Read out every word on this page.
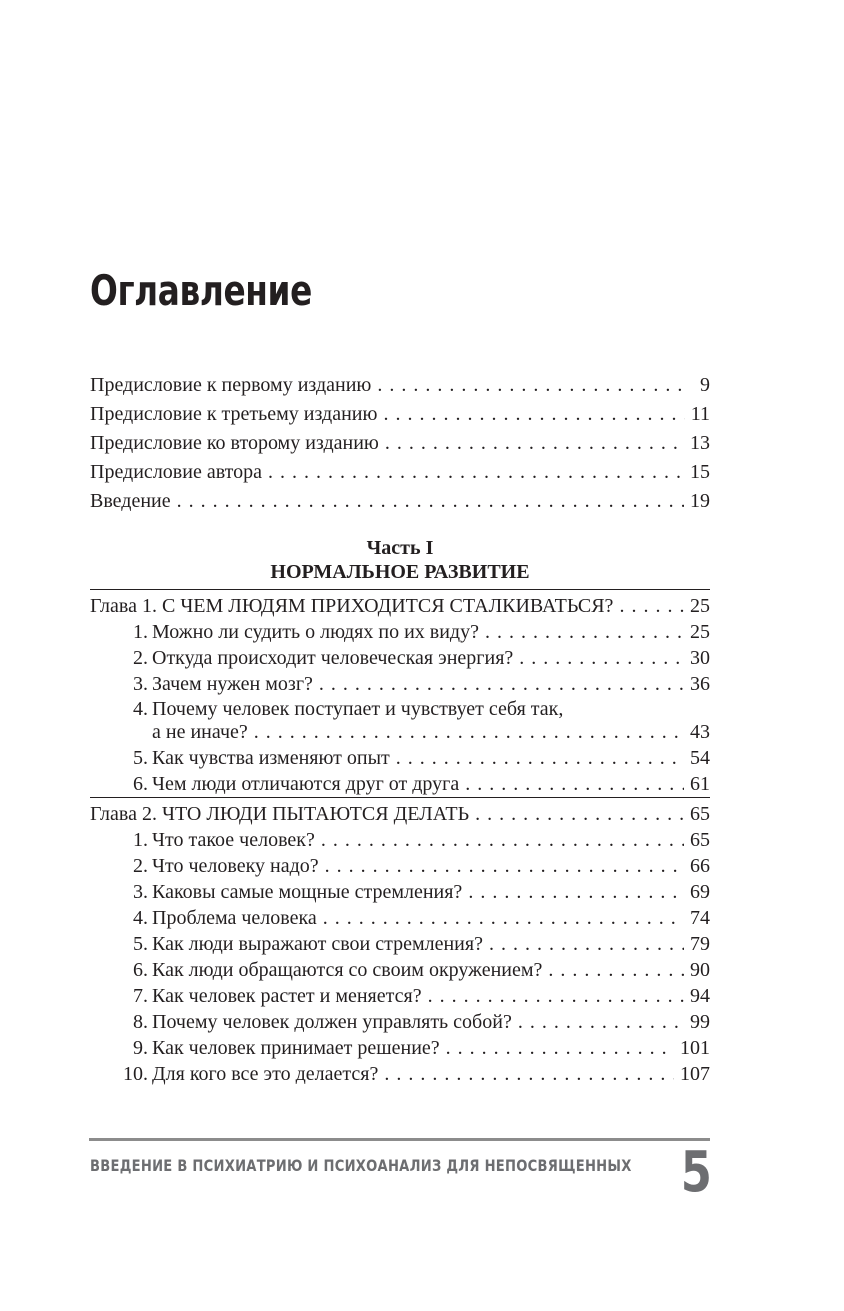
Оглавление
Предисловие к первому изданию . . .	9
Предисловие к третьему изданию . . .	11
Предисловие ко второму изданию . . .	13
Предисловие автора . . .	15
Введение . . .	19
Часть I
НОРМАЛЬНОЕ РАЗВИТИЕ
Глава 1. С ЧЕМ ЛЮДЯМ ПРИХОДИТСЯ СТАЛКИВАТЬСЯ? . . .	25
1. Можно ли судить о людях по их виду? . . .	25
2. Откуда происходит человеческая энергия? . . .	30
3. Зачем нужен мозг? . . .	36
4. Почему человек поступает и чувствует себя так,
а не иначе? . . .	43
5. Как чувства изменяют опыт . . .	54
6. Чем люди отличаются друг от друга . . .	61
Глава 2. ЧТО ЛЮДИ ПЫТАЮТСЯ ДЕЛАТЬ . . .	65
1. Что такое человек? . . .	65
2. Что человеку надо? . . .	66
3. Каковы самые мощные стремления? . . .	69
4. Проблема человека . . .	74
5. Как люди выражают свои стремления? . . .	79
6. Как люди обращаются со своим окружением? . . .	90
7. Как человек растет и меняется? . . .	94
8. Почему человек должен управлять собой? . . .	99
9. Как человек принимает решение? . . .	101
10. Для кого все это делается? . . .	107
ВВЕДЕНИЕ В ПСИХИАТРИЮ И ПСИХОАНАЛИЗ ДЛЯ НЕПОСВЯЩЕННЫХ 5
